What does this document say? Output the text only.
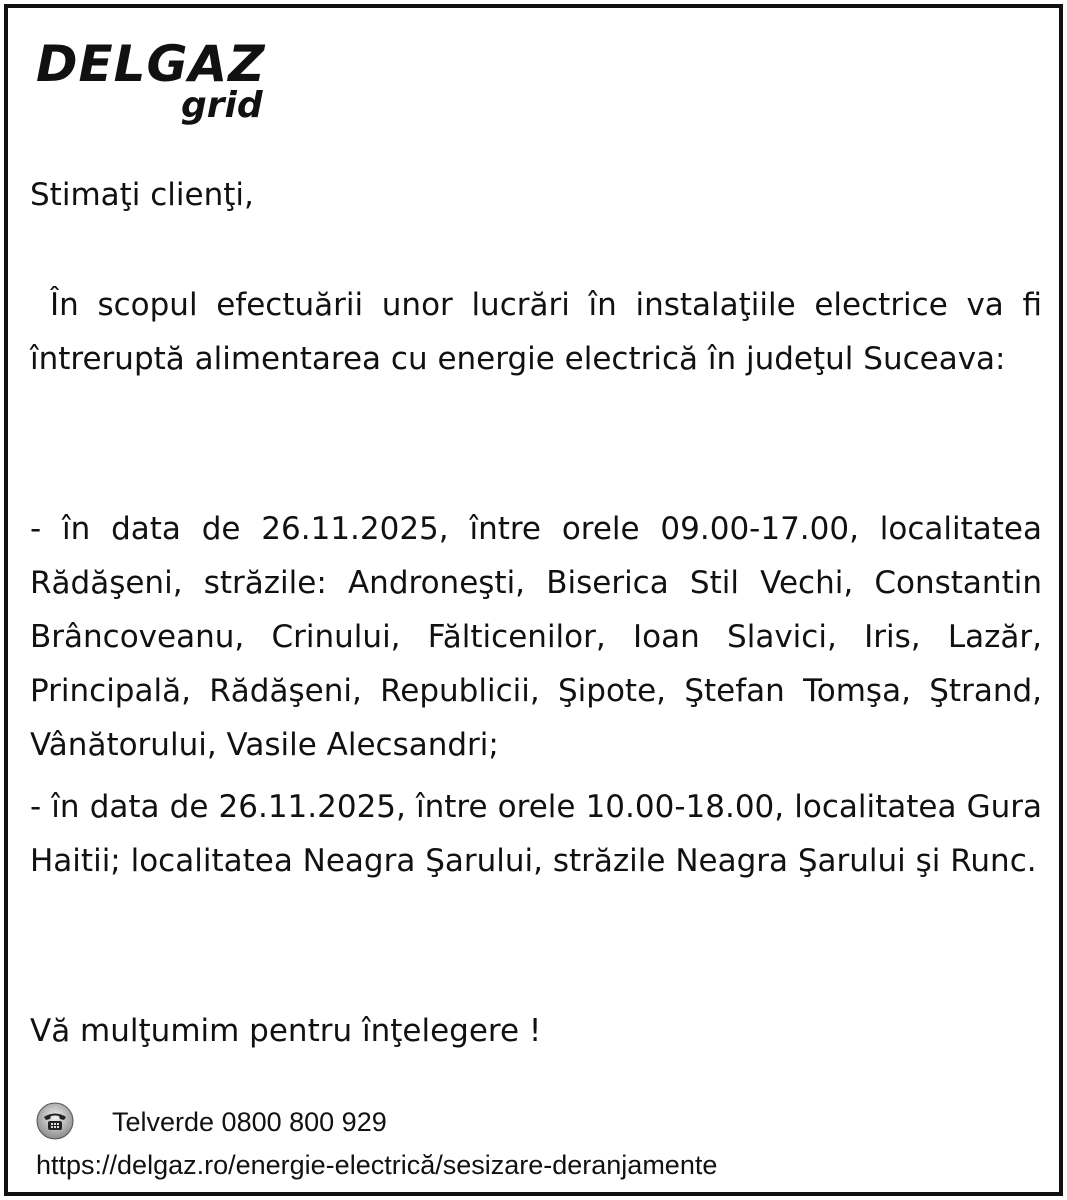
DELGAZ
grid
Stimaţi clienţi,
În scopul efectuării unor lucrări în instalaţiile electrice va fi întreruptă alimentarea cu energie electrică în judeţul Suceava:
- în data de 26.11.2025, între orele 09.00-17.00, localitatea Rădăşeni, străzile: Androneşti, Biserica Stil Vechi, Constantin Brâncoveanu, Crinului, Fălticenilor, Ioan Slavici, Iris, Lazăr, Principală, Rădăşeni, Republicii, Şipote, Ştefan Tomşa, Ştrand, Vânătorului, Vasile Alecsandri;
- în data de 26.11.2025, între orele 10.00-18.00, localitatea Gura Haitii; localitatea Neagra Şarului, străzile Neagra Şarului şi Runc.
Vă mulţumim pentru înţelegere !
Telverde 0800 800 929
https://delgaz.ro/energie-electrică/sesizare-deranjamente
